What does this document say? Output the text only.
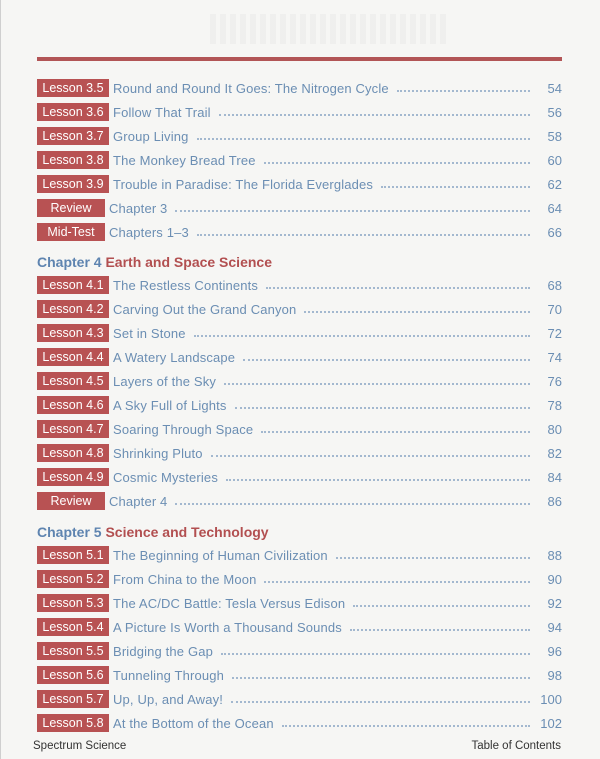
Lesson 3.5 Round and Round It Goes: The Nitrogen Cycle	54
Lesson 3.6 Follow That Trail	56
Lesson 3.7 Group Living	58
Lesson 3.8 The Monkey Bread Tree	60
Lesson 3.9 Trouble in Paradise: The Florida Everglades	62
Review	Chapter 3	64
Mid-Test	Chapters 1–3	66
Chapter 4 Earth and Space Science
Lesson 4.1 The Restless Continents	68
Lesson 4.2 Carving Out the Grand Canyon	70
Lesson 4.3 Set in Stone	72
Lesson 4.4 A Watery Landscape	74
Lesson 4.5 Layers of the Sky	76
Lesson 4.6 A Sky Full of Lights	78
Lesson 4.7 Soaring Through Space	80
Lesson 4.8 Shrinking Pluto	82
Lesson 4.9 Cosmic Mysteries	84
Review	Chapter 4	86
Chapter 5 Science and Technology
Lesson 5.1 The Beginning of Human Civilization	88
Lesson 5.2 From China to the Moon	90
Lesson 5.3 The AC/DC Battle: Tesla Versus Edison	92
Lesson 5.4 A Picture Is Worth a Thousand Sounds	94
Lesson 5.5 Bridging the Gap	96
Lesson 5.6 Tunneling Through	98
Lesson 5.7 Up, Up, and Away!	100
Lesson 5.8 At the Bottom of the Ocean	102
Spectrum Science	Table of Contents
